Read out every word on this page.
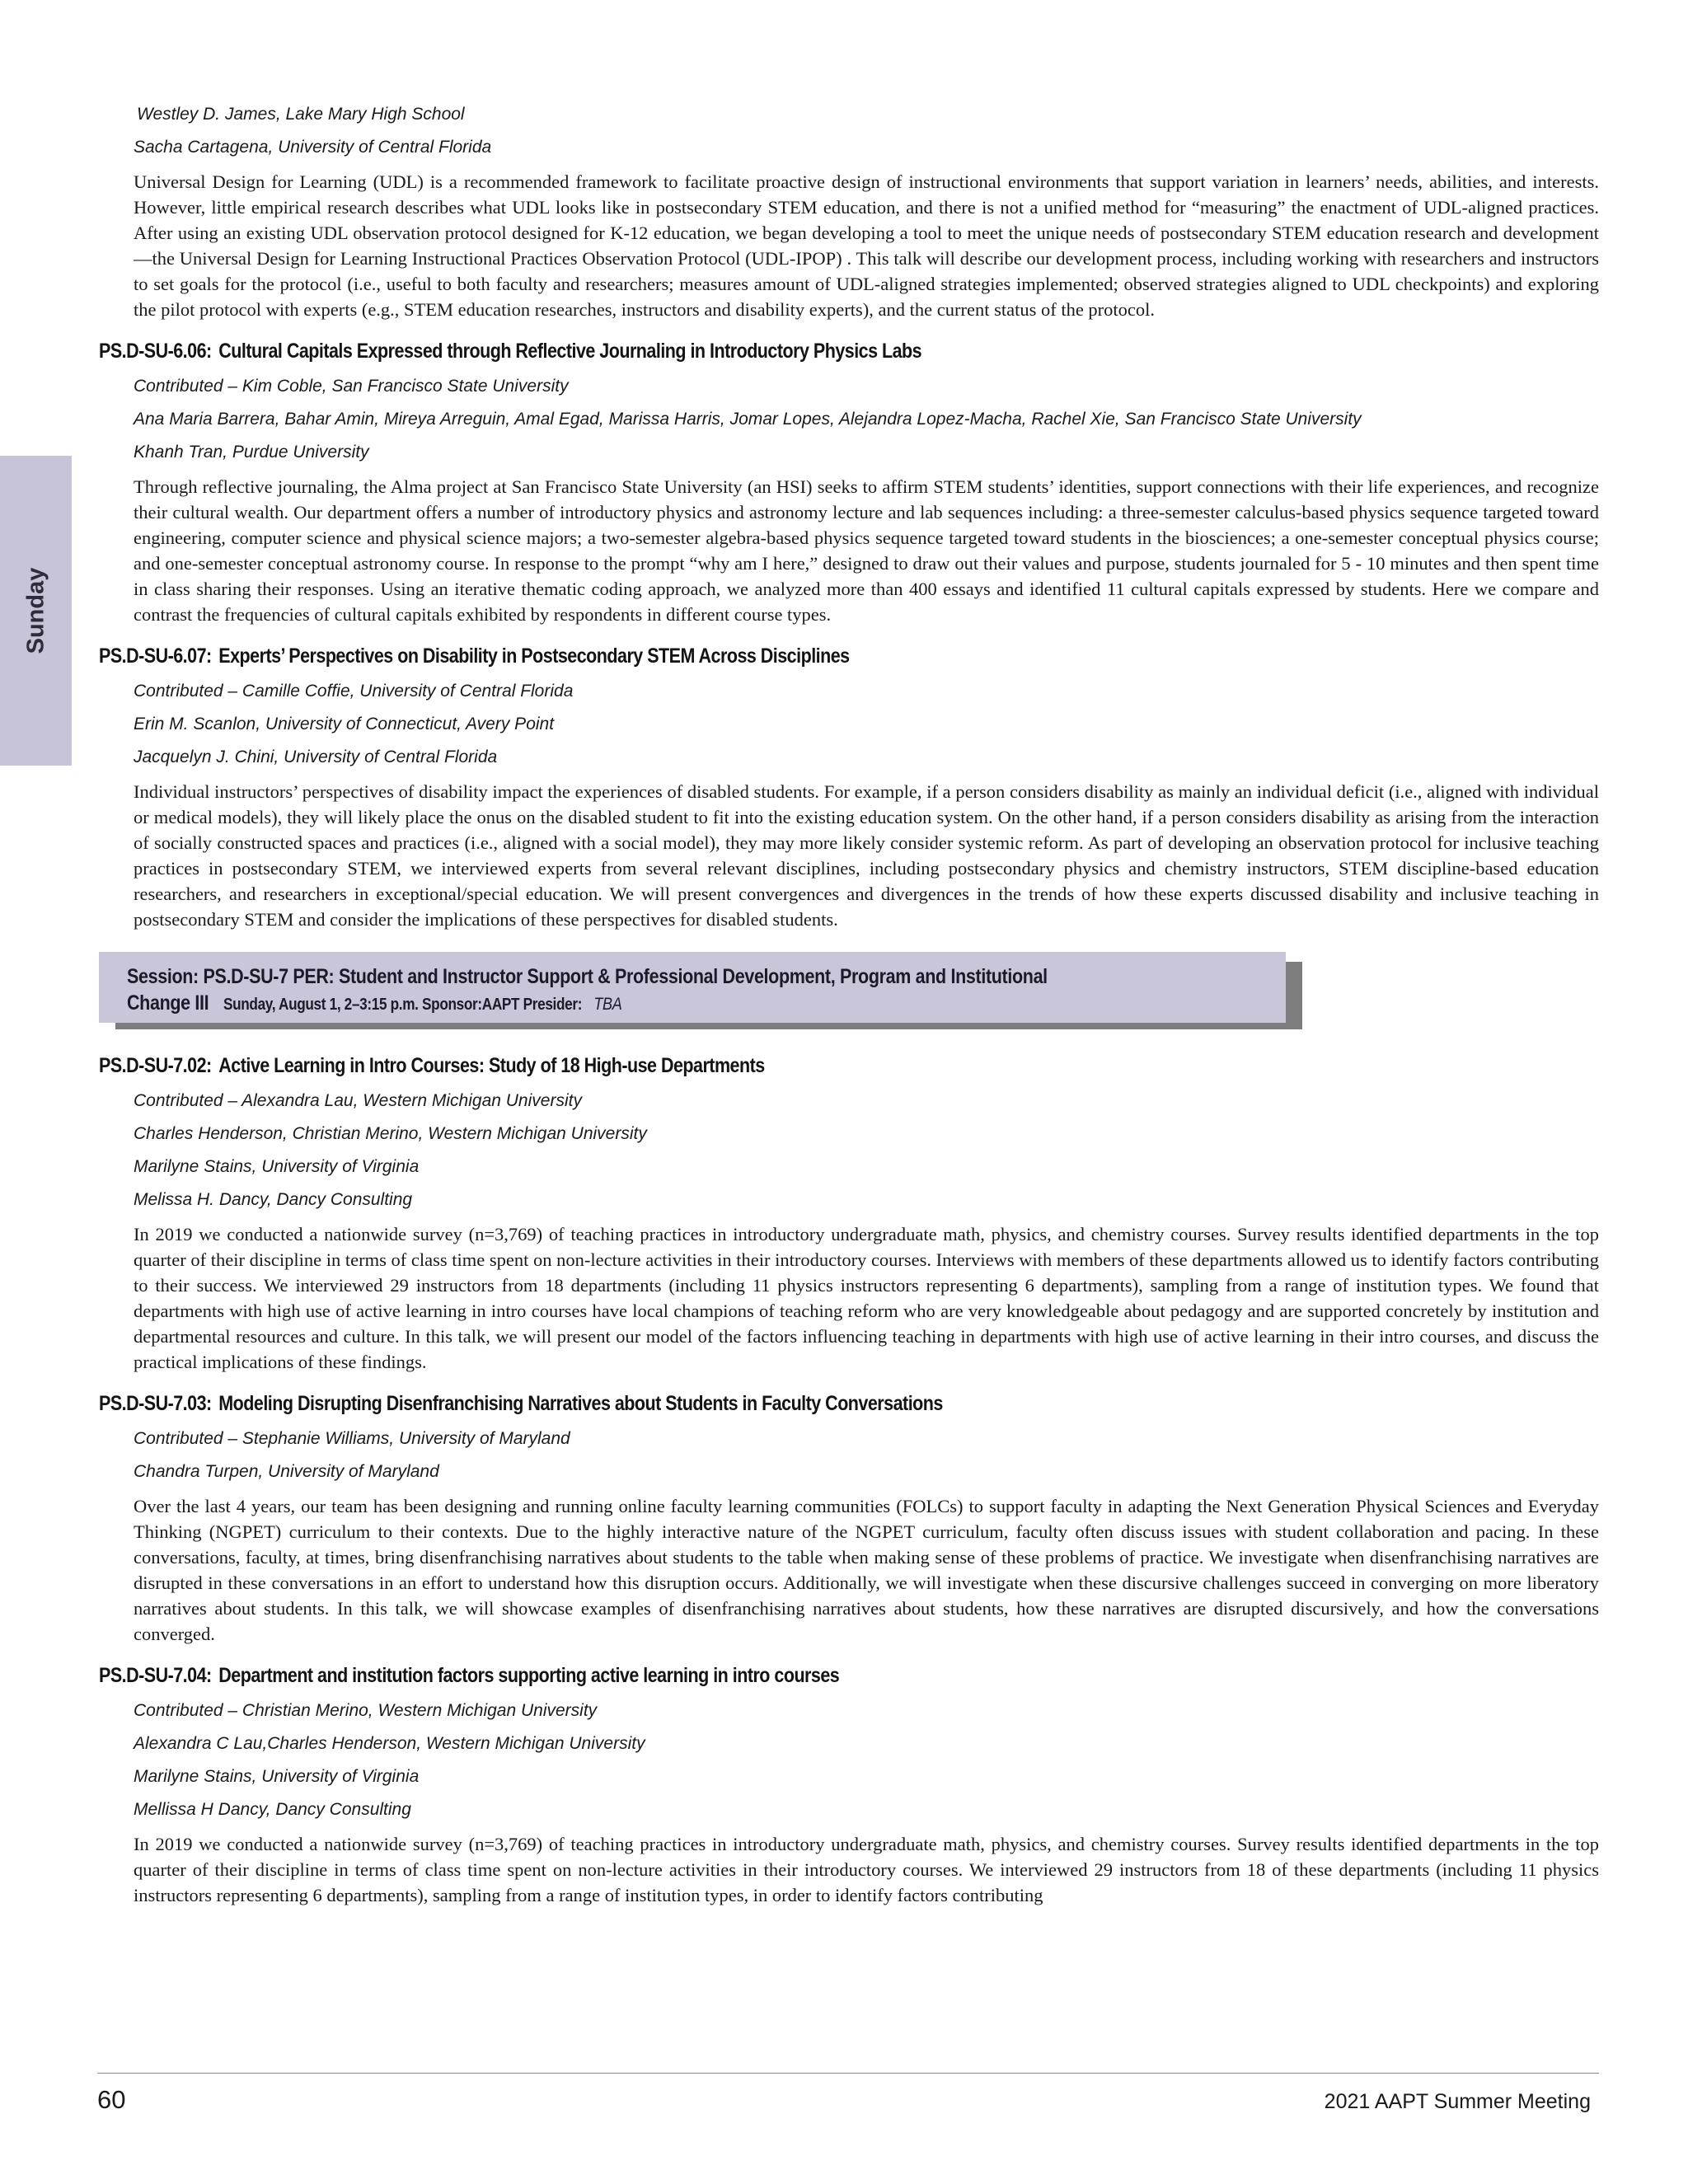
Sunday

Westley D. James, Lake Mary High School

Sacha Cartagena, University of Central Florida

Universal Design for Learning (UDL) is a recommended framework to facilitate proactive design of instructional environments that support variation in learners’ needs, abilities, and interests. However, little empirical research describes what UDL looks like in postsecondary STEM education, and there is not a unified method for “measuring” the enactment of UDL-aligned practices. After using an existing UDL observation protocol designed for K-12 education, we began developing a tool to meet the unique needs of postsecondary STEM education research and development—the Universal Design for Learning Instructional Practices Observation Protocol (UDL-IPOP) . This talk will describe our development process, including working with researchers and instructors to set goals for the protocol (i.e., useful to both faculty and researchers; measures amount of UDL-aligned strategies implemented; observed strategies aligned to UDL checkpoints) and exploring the pilot protocol with experts (e.g., STEM education researches, instructors and disability experts), and the current status of the protocol.

PS.D-SU-6.06: Cultural Capitals Expressed through Reflective Journaling in Introductory Physics Labs

Contributed – Kim Coble, San Francisco State University

Ana Maria Barrera, Bahar Amin, Mireya Arreguin, Amal Egad, Marissa Harris, Jomar Lopes, Alejandra Lopez-Macha, Rachel Xie, San Francisco State University

Khanh Tran, Purdue University

Through reflective journaling, the Alma project at San Francisco State University (an HSI) seeks to affirm STEM students’ identities, support connections with their life experiences, and recognize their cultural wealth. Our department offers a number of introductory physics and astronomy lecture and lab sequences including: a three-semester calculus-based physics sequence targeted toward engineering, computer science and physical science majors; a two-semester algebra-based physics sequence targeted toward students in the biosciences; a one-semester conceptual physics course; and one-semester conceptual astronomy course. In response to the prompt “why am I here,” designed to draw out their values and purpose, students journaled for 5 - 10 minutes and then spent time in class sharing their responses. Using an iterative thematic coding approach, we analyzed more than 400 essays and identified 11 cultural capitals expressed by students. Here we compare and contrast the frequencies of cultural capitals exhibited by respondents in different course types.

PS.D-SU-6.07: Experts’ Perspectives on Disability in Postsecondary STEM Across Disciplines

Contributed – Camille Coffie, University of Central Florida

Erin M. Scanlon, University of Connecticut, Avery Point

Jacquelyn J. Chini, University of Central Florida

Individual instructors’ perspectives of disability impact the experiences of disabled students. For example, if a person considers disability as mainly an individual deficit (i.e., aligned with individual or medical models), they will likely place the onus on the disabled student to fit into the existing education system. On the other hand, if a person considers disability as arising from the interaction of socially constructed spaces and practices (i.e., aligned with a social model), they may more likely consider systemic reform. As part of developing an observation protocol for inclusive teaching practices in postsecondary STEM, we interviewed experts from several relevant disciplines, including postsecondary physics and chemistry instructors, STEM discipline-based education researchers, and researchers in exceptional/special education. We will present convergences and divergences in the trends of how these experts discussed disability and inclusive teaching in postsecondary STEM and consider the implications of these perspectives for disabled students.

Session: PS.D-SU-7 PER: Student and Instructor Support & Professional Development, Program and Institutional
Change III Sunday, August 1, 2–3:15 p.m. Sponsor:AAPT Presider: TBA
PS.D-SU-7.02: Active Learning in Intro Courses: Study of 18 High-use Departments

Contributed – Alexandra Lau, Western Michigan University

Charles Henderson, Christian Merino, Western Michigan University

Marilyne Stains, University of Virginia

Melissa H. Dancy, Dancy Consulting

In 2019 we conducted a nationwide survey (n=3,769) of teaching practices in introductory undergraduate math, physics, and chemistry courses. Survey results identified departments in the top quarter of their discipline in terms of class time spent on non-lecture activities in their introductory courses. Interviews with members of these departments allowed us to identify factors contributing to their success. We interviewed 29 instructors from 18 departments (including 11 physics instructors representing 6 departments), sampling from a range of institution types. We found that departments with high use of active learning in intro courses have local champions of teaching reform who are very knowledgeable about pedagogy and are supported concretely by institution and departmental resources and culture. In this talk, we will present our model of the factors influencing teaching in departments with high use of active learning in their intro courses, and discuss the practical implications of these findings.

PS.D-SU-7.03: Modeling Disrupting Disenfranchising Narratives about Students in Faculty Conversations

Contributed – Stephanie Williams, University of Maryland

Chandra Turpen, University of Maryland

Over the last 4 years, our team has been designing and running online faculty learning communities (FOLCs) to support faculty in adapting the Next Generation Physical Sciences and Everyday Thinking (NGPET) curriculum to their contexts. Due to the highly interactive nature of the NGPET curriculum, faculty often discuss issues with student collaboration and pacing. In these conversations, faculty, at times, bring disenfranchising narratives about students to the table when making sense of these problems of practice. We investigate when disenfranchising narratives are disrupted in these conversations in an effort to understand how this disruption occurs. Additionally, we will investigate when these discursive challenges succeed in converging on more liberatory narratives about students. In this talk, we will showcase examples of disenfranchising narratives about students, how these narratives are disrupted discursively, and how the conversations converged.

PS.D-SU-7.04: Department and institution factors supporting active learning in intro courses

Contributed – Christian Merino, Western Michigan University

Alexandra C Lau,Charles Henderson, Western Michigan University

Marilyne Stains, University of Virginia

Mellissa H Dancy, Dancy Consulting

In 2019 we conducted a nationwide survey (n=3,769) of teaching practices in introductory undergraduate math, physics, and chemistry courses. Survey results identified departments in the top quarter of their discipline in terms of class time spent on non-lecture activities in their introductory courses. We interviewed 29 instructors from 18 of these departments (including 11 physics instructors representing 6 departments), sampling from a range of institution types, in order to identify factors contributing

60	2021 AAPT Summer Meeting
